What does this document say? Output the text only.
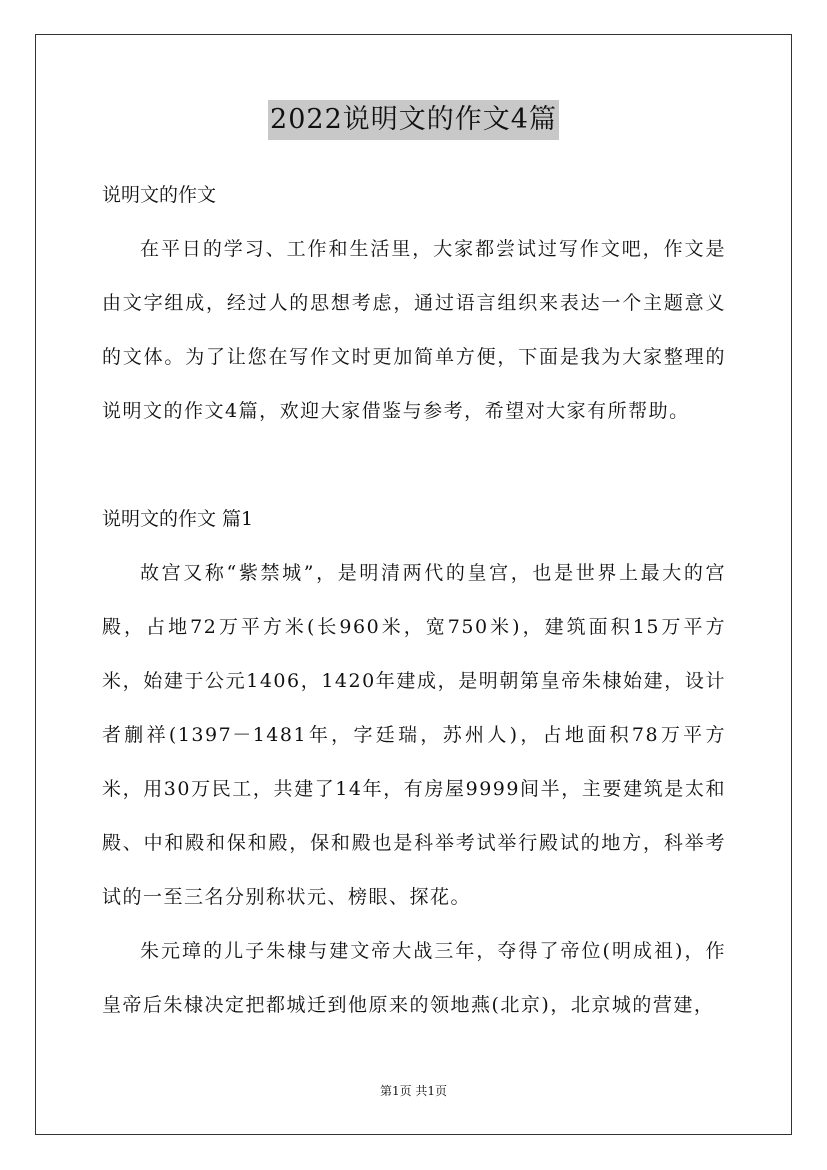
2022说明文的作文4篇

说明文的作文

在平日的学习、工作和生活里，大家都尝试过写作文吧，作文是由文字组成，经过人的思想考虑，通过语言组织来表达一个主题意义的文体。为了让您在写作文时更加简单方便，下面是我为大家整理的说明文的作文4篇，欢迎大家借鉴与参考，希望对大家有所帮助。

说明文的作文 篇1

故宫又称“紫禁城”，是明清两代的皇宫，也是世界上最大的宫殿，占地72万平方米(长960米，宽750米)，建筑面积15万平方米，始建于公元1406，1420年建成，是明朝第皇帝朱棣始建，设计者蒯祥(1397－1481年，字廷瑞，苏州人)，占地面积78万平方米，用30万民工，共建了14年，有房屋9999间半，主要建筑是太和殿、中和殿和保和殿，保和殿也是科举考试举行殿试的地方，科举考试的一至三名分别称状元、榜眼、探花。

朱元璋的儿子朱棣与建文帝大战三年，夺得了帝位(明成祖)，作皇帝后朱棣决定把都城迁到他原来的领地燕(北京)，北京城的营建，

第1页 共1页
